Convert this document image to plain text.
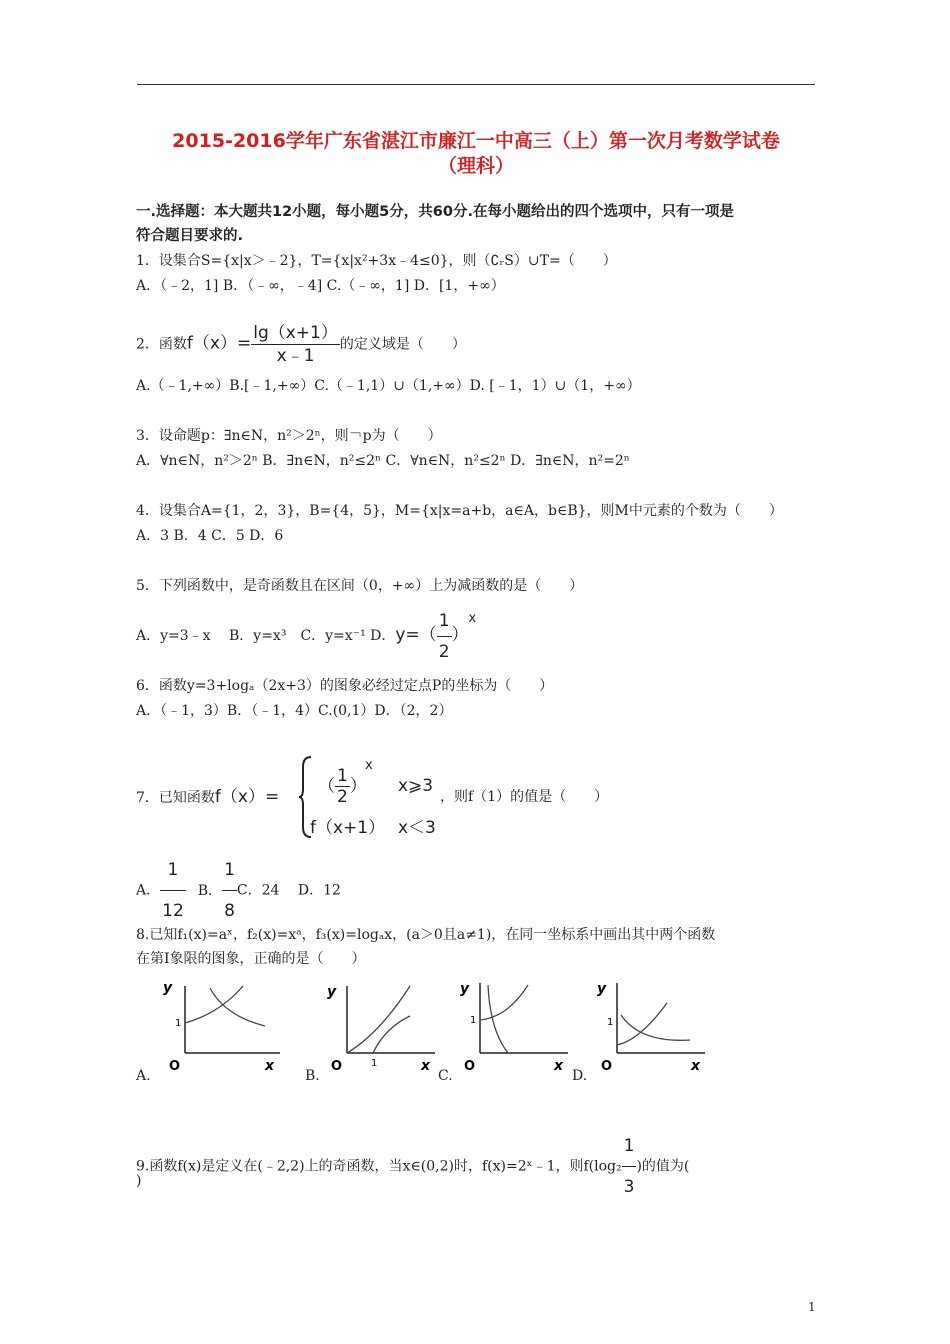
2015-2016学年广东省湛江市廉江一中高三（上）第一次月考数学试卷
（理科）
一.选择题：本大题共12小题，每小题5分，共60分.在每小题给出的四个选项中，只有一项是
符合题目要求的.
1．设集合S={x|x＞﹣2}，T={x|x²+3x﹣4≤0}，则（∁ᵣS）∪T=（　　）
A．（﹣2，1] B．（﹣∞，﹣4] C.（﹣∞，1] D．[1，+∞）
2．函数$f(x)= \frac{\lg(x+1)}{x﹣1}$ 的定义域是（　　）
A.（﹣1,+∞）B.[﹣1,+∞）C.（﹣1,1）∪（1,+∞）D. [﹣1，1）∪（1，+∞）
3．设命题p：∃n∈N，n²＞2ⁿ，则￢p为（　　）
A．∀n∈N，n²＞2ⁿ B．∃n∈N，n²≤2ⁿ C．∀n∈N，n²≤2ⁿ D．∃n∈N，n²=2ⁿ
4．设集合A={1，2，3}，B={4，5}，M={x|x=a+b，a∈A，b∈B}，则M中元素的个数为（　　）
A．3 B．4 C．5 D．6
5．下列函数中，是奇函数且在区间（0，+∞）上为减函数的是（　　）
A．y=3﹣x　 B．y=x³　C．y=x⁻¹ D．$y=( \frac{1}{2} )x$
6．函数y=3+logₐ（2x+3）的图象必经过定点P的坐标为（　　）
A．（﹣1，3）B．（﹣1，4）C.(0,1）D．（2，2）
7．已知函数f（x）=
（ $\frac{1}{2}$ ）
x
x⩾3
f（x+1） x＜3
，则f（1）的值是（　　）
A． $\frac{1}{12}$ B． $\frac{1}{8}$ C．24　 D．12
8.已知f₁(x)=aˣ，f₂(x)=xᵃ，f₃(x)=logₐx，(a＞0且a≠1)，在同一坐标系中画出其中两个函数
在第Ⅰ象限的图象，正确的是（　　）
y
x
O
1
y
x
O	1
y
x
O
1
y
x
O
1
A.	B.	C.	D.
9.函数f(x)是定义在(﹣2,2)上的奇函数，当x∈(0,2)时，f(x)=2ˣ﹣1，则$f(\log_2 \frac{1}{3}$ )的值为(
)
1
